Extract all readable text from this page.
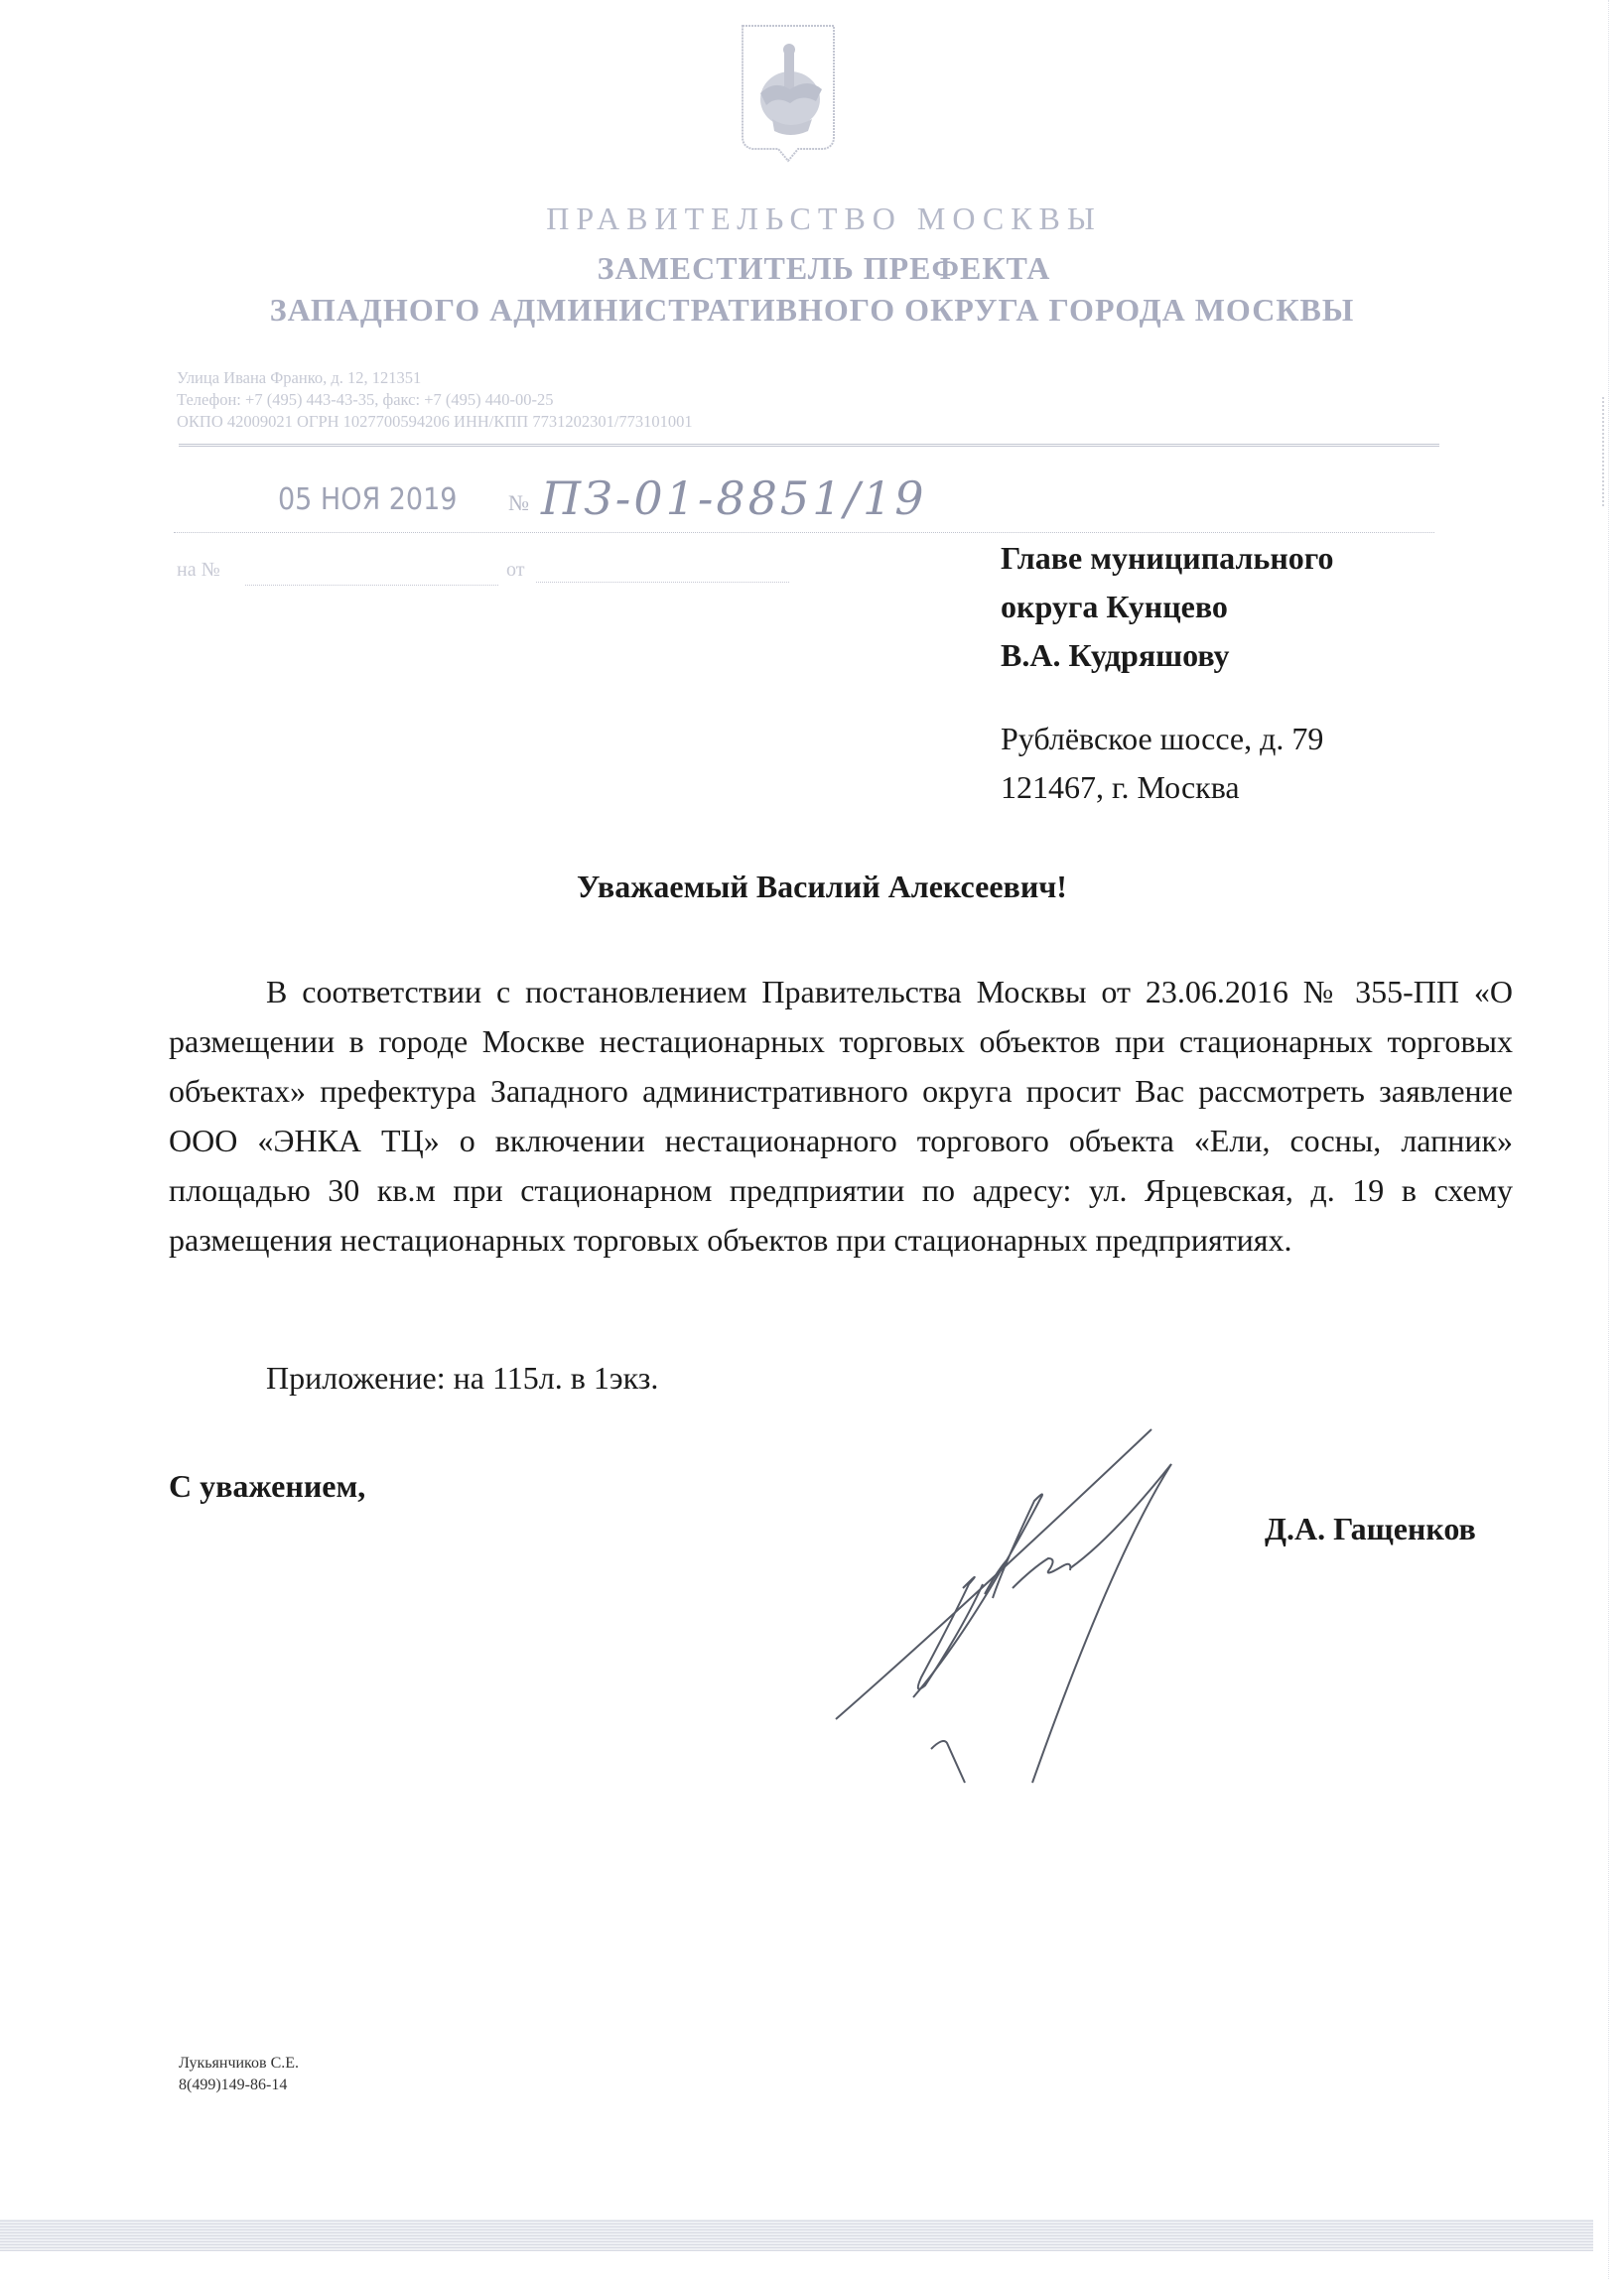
ПРАВИТЕЛЬСТВО МОСКВЫ
ЗАМЕСТИТЕЛЬ ПРЕФЕКТА
ЗАПАДНОГО АДМИНИСТРАТИВНОГО ОКРУГА ГОРОДА МОСКВЫ
Улица Ивана Франко, д. 12, 121351
Телефон: +7 (495) 443-43-35, факс: +7 (495) 440-00-25
ОКПО 42009021 ОГРН 1027700594206 ИНН/КПП 7731202301/773101001
05 НОЯ 2019	№ ПЗ-01-8851/19
на №	от	Главе муниципального
округа Кунцево
В.А. Кудряшову
Рублёвское шоссе, д. 79
121467, г. Москва
Уважаемый Василий Алексеевич!

В соответствии с постановлением Правительства Москвы от 23.06.2016 № 355-ПП «О размещении в городе Москве нестационарных торговых объектов при стационарных торговых объектах» префектура Западного административного округа просит Вас рассмотреть заявление ООО «ЭНКА ТЦ» о включении нестационарного торгового объекта «Ели, сосны, лапник» площадью 30 кв.м при стационарном предприятии по адресу: ул. Ярцевская, д. 19 в схему размещения нестационарных торговых объектов при стационарных предприятиях.

Приложение: на 115л. в 1экз.
С уважением,
Д.А. Гащенков
Лукьянчиков С.Е.
8(499)149-86-14
